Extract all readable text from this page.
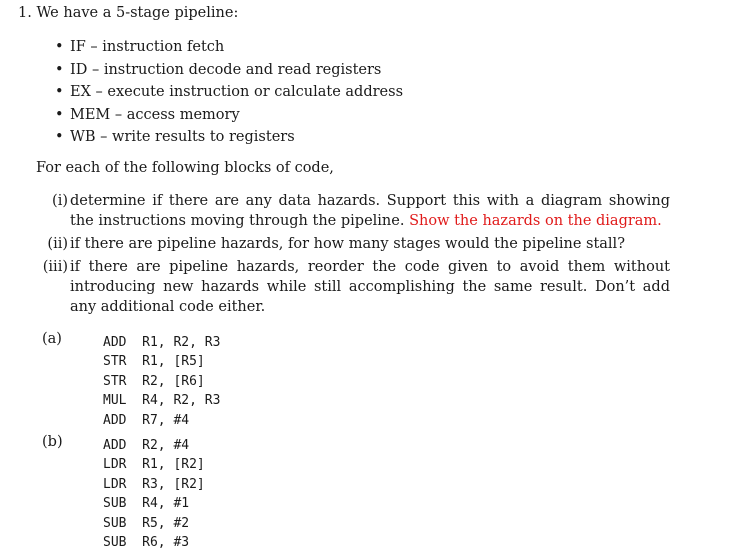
1. We have a 5-stage pipeline:
• IF – instruction fetch
• ID – instruction decode and read registers
• EX – execute instruction or calculate address
• MEM – access memory
• WB – write results to registers
For each of the following blocks of code,
(i) determine if there are any data hazards. Support this with a diagram showing the instructions moving through the pipeline. Show the hazards on the diagram.
(ii) if there are pipeline hazards, for how many stages would the pipeline stall?
(iii) if there are pipeline hazards, reorder the code given to avoid them without introducing new hazards while still accomplishing the same result. Don’t add any additional code either.
(a)	ADD  R1, R2, R3
STR  R1, [R5]
STR  R2, [R6]
MUL  R4, R2, R3
ADD  R7, #4
(b)	ADD  R2, #4
LDR  R1, [R2]
LDR  R3, [R2]
SUB  R4, #1
SUB  R5, #2
SUB  R6, #3
